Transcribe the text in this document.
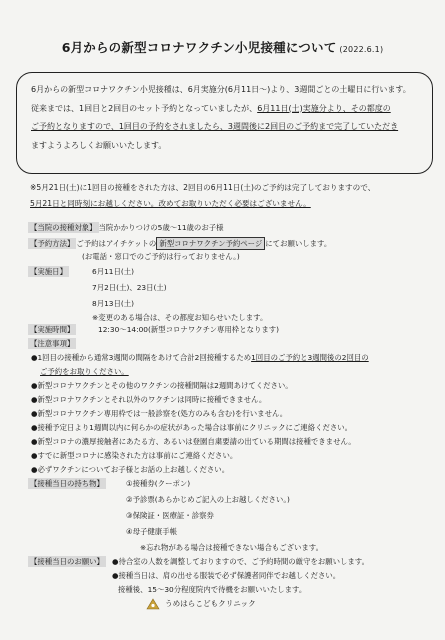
6月からの新型コロナワクチン小児接種について (2022.6.1)

6月からの新型コロナワクチン小児接種は、6月実施分(6月11日～)より、3週間ごとの土曜日に行います。

従来までは、1回目と2回目のセット予約となっていましたが、6月11日(土)実施分より、その都度の

ご予約となりますので、1回目の予約をされましたら、3週間後に2回目のご予約まで完了していただき

ますようよろしくお願いいたします。

※5月21日(土)に1回目の接種をされた方は、2回目の6月11日(土)のご予約は完了しておりますので、

5月21日と同時刻にお越しください。改めてお取りいただく必要はございません。

【当院の接種対象】 当院かかりつけの5歳～11歳のお子様
【予約方法】 ご予約はアイチケットの 新型コロナワクチン予約ページ にてお願いします。
(お電話・窓口でのご予約は行っておりません。)
【実施日】	6月11日(土)
7月2日(土)、23日(土)
8月13日(土)
※変更のある場合は、その都度お知らせいたします。
【実施時間】	12:30～14:00(新型コロナワクチン専用枠となります)
【注意事項】
●1回目の接種から通常3週間の間隔をあけて合計2回接種するため1回目のご予約と3週間後の2回目の
ご予約をお取りください。
●新型コロナワクチンとその他のワクチンの接種間隔は2週間あけてください。
●新型コロナワクチンとそれ以外のワクチンは同時に接種できません。
●新型コロナワクチン専用枠では一般診察を(処方のみも含む)を行いません。
●接種予定日より1週間以内に何らかの症状があった場合は事前にクリニックにご連絡ください。
●新型コロナの濃厚接触者にあたる方、あるいは登園自粛要請の出ている期間は接種できません。
●すでに新型コロナに感染された方は事前にご連絡ください。
●必ずワクチンについてお子様とお話の上お越しください。
【接種当日の持ち物】	①接種券(クーポン)
②予診票(あらかじめご記入の上お越しください。)
③保険証・医療証・診察券
④母子健康手帳
※忘れ物がある場合は接種できない場合もございます。
【接種当日のお願い】 ●待合室の人数を調整しておりますので、ご予約時間の厳守をお願いします。
●接種当日は、肩の出せる服装で必ず保護者同伴でお越しください。
接種後、15～30分程度院内で待機をお願いいたします。
うめはらこどもクリニック
